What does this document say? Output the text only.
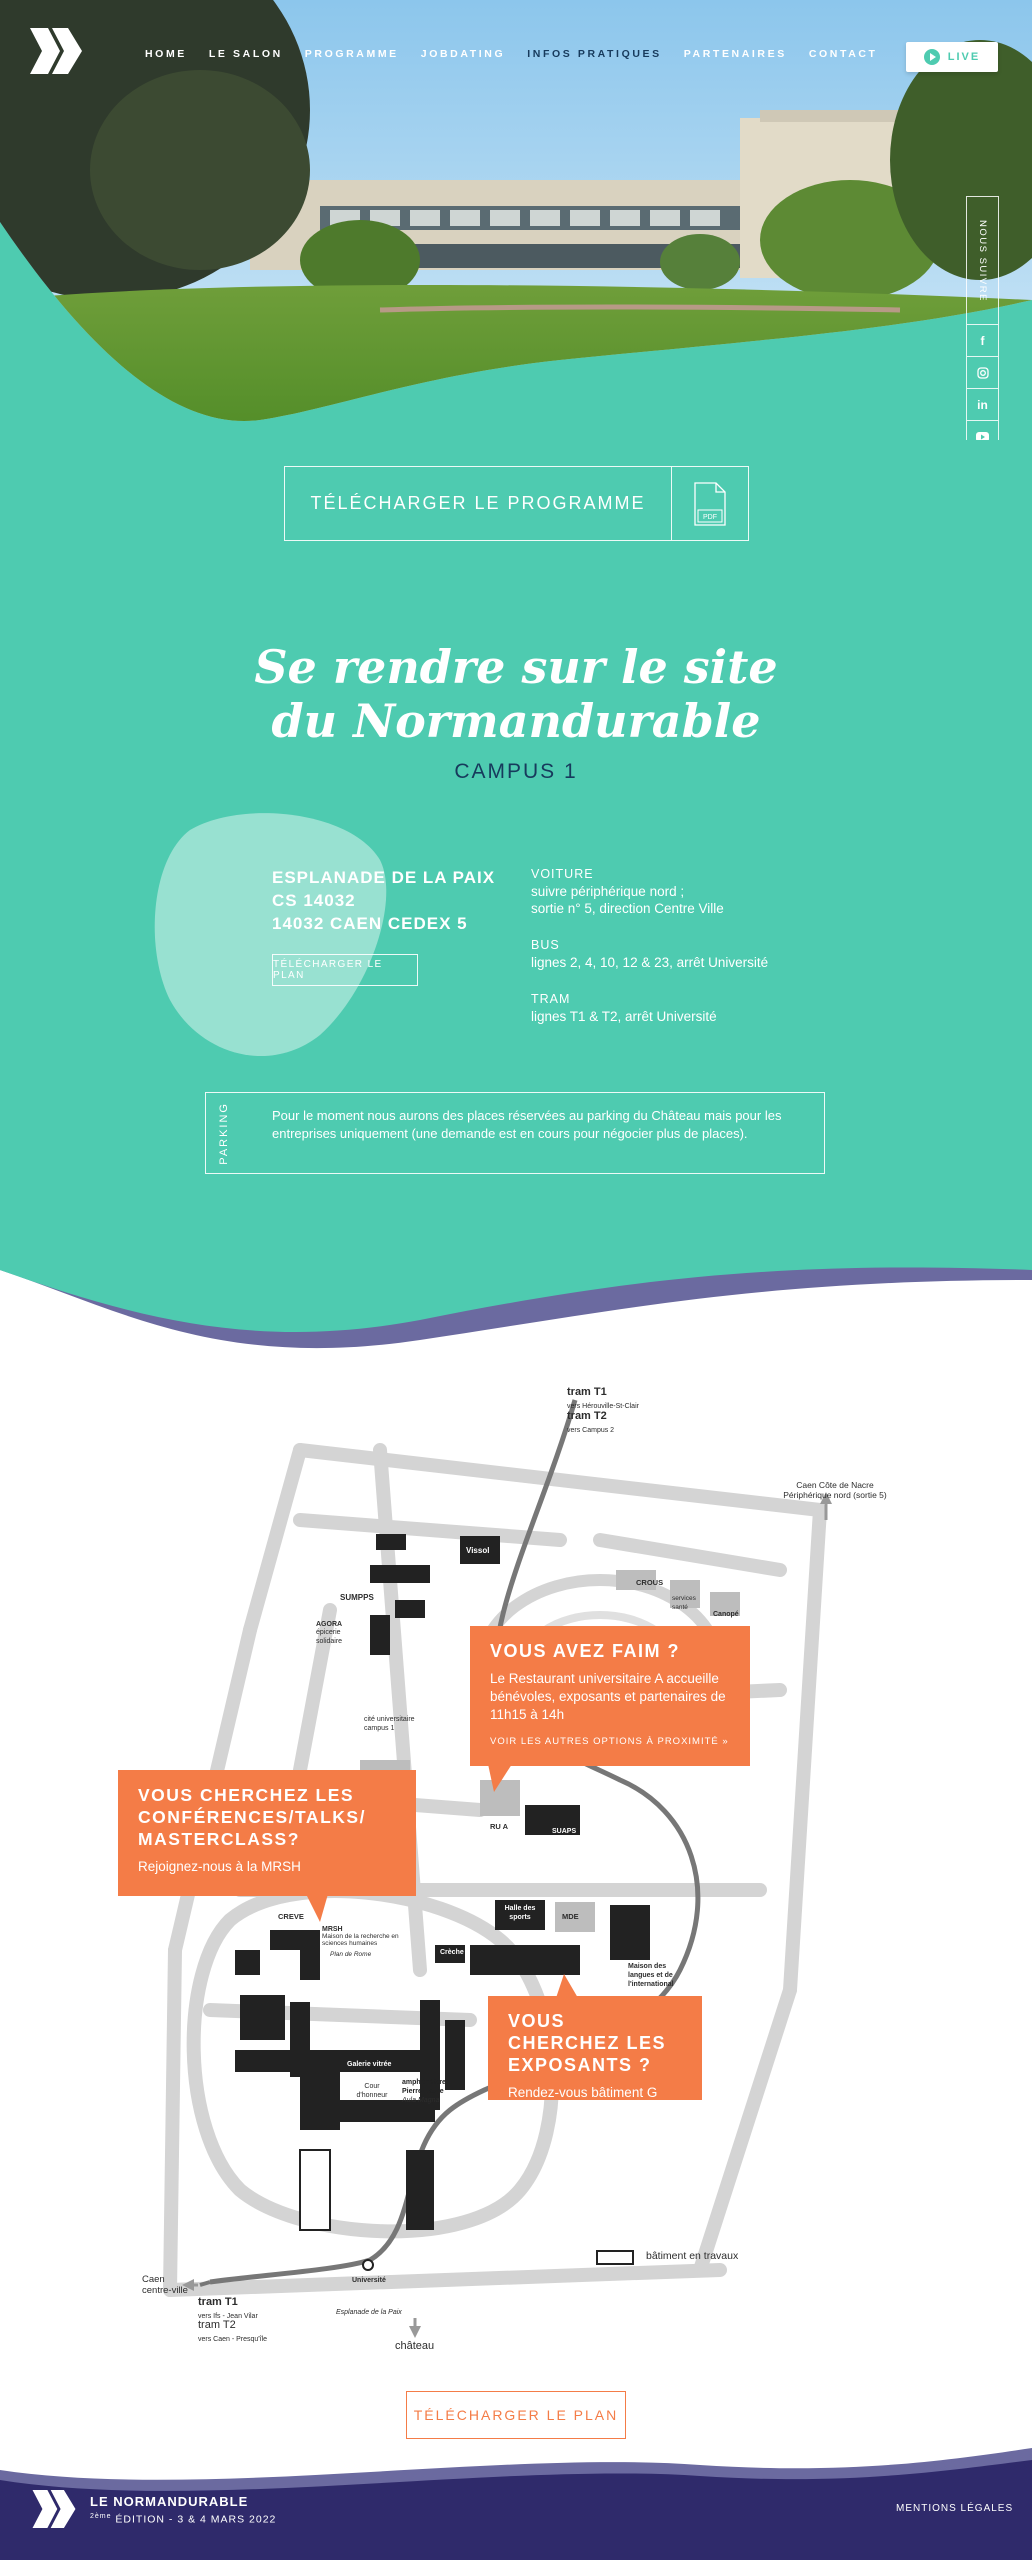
HOME LE SALON PROGRAMME JOBDATING INFOS PRATIQUES PARTENAIRES CONTACT	LIVE
NOUS SUIVRE
f
in
TÉLÉCHARGER LE PROGRAMME
PDF
Se rendre sur le site
du Normandurable
CAMPUS 1
ESPLANADE DE LA PAIX
CS 14032
14032 CAEN CEDEX 5
TÉLÉCHARGER LE PLAN
VOITURE
suivre périphérique nord ;
sortie n° 5, direction Centre Ville
BUS
lignes 2, 4, 10, 12 & 23, arrêt Université
TRAM
lignes T1 & T2, arrêt Université
PARKING	Pour le moment nous aurons des places réservées au parking du Château mais pour les entreprises uniquement (une demande est en cours pour négocier plus de places).
tram T1
vers Hérouville-St-Clair
tram T2
vers Campus 2
Caen Côte de Nacre
Périphérique nord (sortie 5)
Caen
centre-ville
tram T1
vers Ifs - Jean Vilar
tram T2
vers Caen - Presqu'île
château
Université
Esplanade de la Paix
bâtiment en travaux
Vissol
SUMPPS
AGORA
épicerie solidaire
cité universitaire campus 1
CROUS
Canopé
services santé
RU A
SUAPS
Halle des sports	MDE
Crèche
Maison des langues et de l'international
CREVE
MRSH
Maison de la recherche en sciences humaines
Plan de Rome
Galerie vitrée
Cour d'honneur
amphithéâtre Pierre Daure
Aula Magna
VOUS AVEZ FAIM ?
Le Restaurant universitaire A accueille bénévoles, exposants et partenaires de 11h15 à 14h
VOIR LES AUTRES OPTIONS À PROXIMITÉ »
VOUS CHERCHEZ LES CONFÉRENCES/TALKS/ MASTERCLASS?
Rejoignez-nous à la MRSH
VOUS CHERCHEZ LES EXPOSANTS ?
Rendez-vous bâtiment G
TÉLÉCHARGER LE PLAN
LE NORMANDURABLE
$^{2ème}$ ÉDITION - 3 & 4 MARS 2022
MENTIONS LÉGALES
